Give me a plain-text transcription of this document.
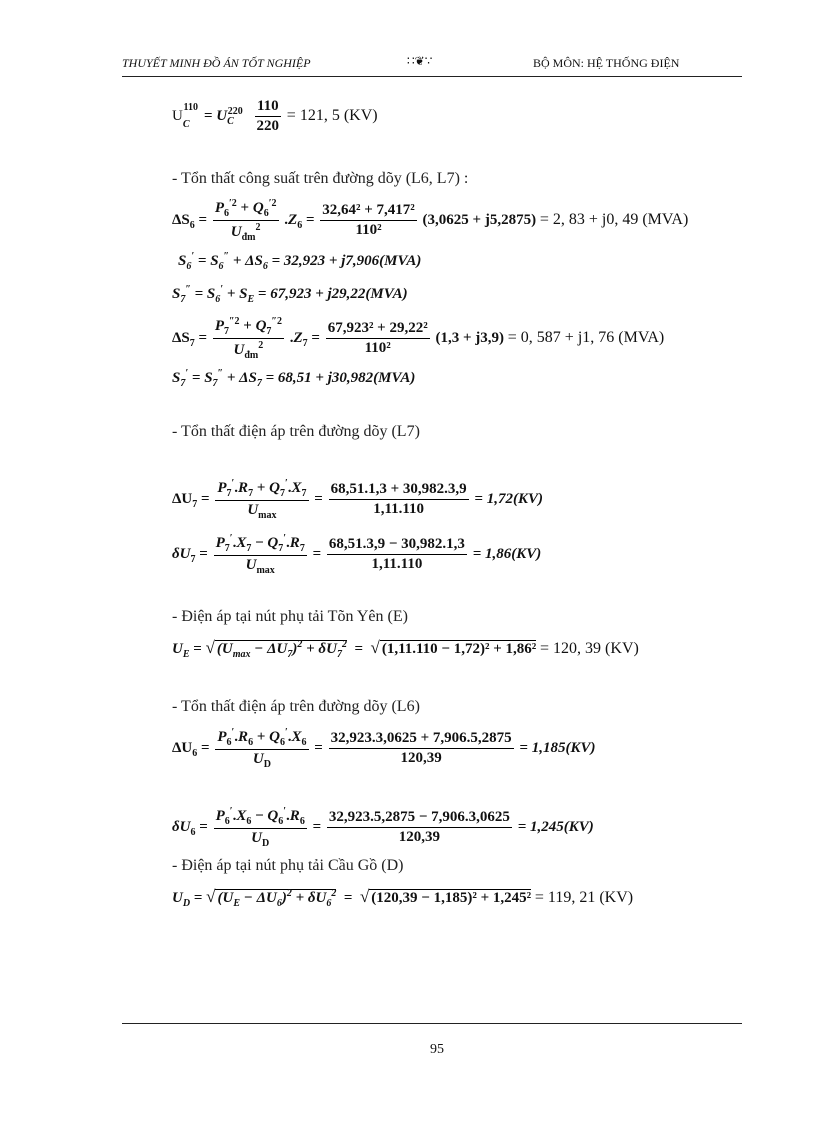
THUYẾT MINH ĐỒ ÁN TỐT NGHIỆP	∷❦∵	BỘ MÔN: HỆ THỐNG ĐIỆN
$U_C^{110}= U_C^{220} \frac{110}{220} = 121$, 5 (KV)
- Tổn thất công suất trên đường dõy (L6, L7) :
$\Delta S_6 = \frac{P_6^{'2} + Q_6^{'2}}{U_{đm}^2} .Z_6 = \frac{\text{32,64² + 7,417²}}{\text{110²}} (3,0625 + j5,2875) = 2$, 83 + j0, 49 (MVA)
$S_6' = S_6'' + \Delta S_6 = 32,923 + j7,906(MVA)$
$S_7'' = S_6' + S_E = 67,923 + j29,22(MVA)$
$\Delta S_7 = \frac{P_7^{''2} + Q_7^{''2}}{U_{đm}^2} .Z_7 = \frac{\text{67,923² + 29,22²}}{\text{110²}} (1,3 + j3,9) = 0$, 587 + j1, 76 (MVA)
$S_7' = S_7'' + \Delta S_7 = 68,51 + j30,982(MVA)$
- Tổn thất điện áp trên đường dõy (L7)
$\Delta U_7 = \frac{P_7'.R_7 + Q_7'.X_7}{U_{max}} = \frac{68,51.1,3 + 30,982.3,9}{1,11.110} = 1,72(KV)$
$\delta U_7 = \frac{P_7'.X_7 - Q_7'.R_7}{U_{max}} = \frac{68,51.3,9 - 30,982.1,3}{1,11.110} = 1,86(KV)$
- Điện áp tại nút phụ tải Tõn Yên (E)
$U_E$ = √ $(U_{max} - \Delta U_7)^2 + \delta U_7^2$  =  √ (1,11.110 − 1,72)² + 1,86² = 120, 39 (KV)
- Tổn thất điện áp trên đường dõy (L6)
$\Delta U_6 = \frac{P_6'.R_6 + Q_6'.X_6}{U_D} = \frac{32,923.3,0625 + 7,906.5,2875}{120,39} = 1,185(KV)$
$\delta U_6 = \frac{P_6'.X_6 - Q_6'.R_6}{U_D} = \frac{32,923.5,2875 - 7,906.3,0625}{120,39} = 1,245(KV)$
- Điện áp tại nút phụ tải Cầu Gồ (D)
$U_D$ = √ $(U_E - \Delta U_6)^2 + \delta U_6^2$  =  √ (120,39 − 1,185)² + 1,245² = 119, 21 (KV)
95
